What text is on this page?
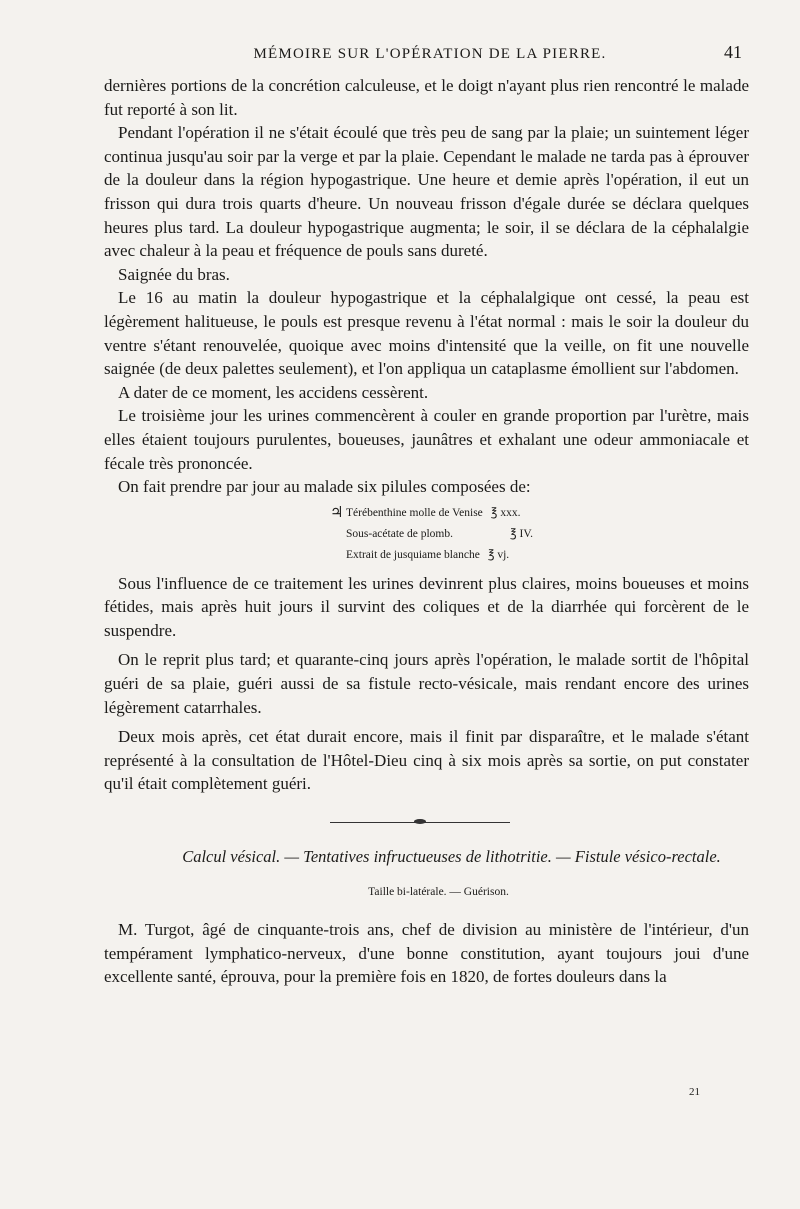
MÉMOIRE SUR L'OPÉRATION DE LA PIERRE.	41

dernières portions de la concrétion calculeuse, et le doigt n'ayant plus rien rencontré le malade fut reporté à son lit.

Pendant l'opération il ne s'était écoulé que très peu de sang par la plaie; un suintement léger continua jusqu'au soir par la verge et par la plaie. Cependant le malade ne tarda pas à éprouver de la douleur dans la région hypogastrique. Une heure et demie après l'opération, il eut un frisson qui dura trois quarts d'heure. Un nouveau frisson d'égale durée se déclara quelques heures plus tard. La douleur hypogastrique augmenta; le soir, il se déclara de la céphalalgie avec chaleur à la peau et fréquence de pouls sans dureté.

Saignée du bras.

Le 16 au matin la douleur hypogastrique et la céphalalgique ont cessé, la peau est légèrement halitueuse, le pouls est presque revenu à l'état normal : mais le soir la douleur du ventre s'étant renouvelée, quoique avec moins d'intensité que la veille, on fit une nouvelle saignée (de deux palettes seulement), et l'on appliqua un cataplasme émollient sur l'abdomen.

A dater de ce moment, les accidens cessèrent.

Le troisième jour les urines commencèrent à couler en grande proportion par l'urètre, mais elles étaient toujours purulentes, boueuses, jaunâtres et exhalant une odeur ammoniacale et fécale très prononcée.

On fait prendre par jour au malade six pilules composées de:

♃ Térébenthine molle de Venise ℥ xxx.
Sous-acétate de plomb.	℥ IV.
Extrait de jusquiame blanche ℥ vj.

Sous l'influence de ce traitement les urines devinrent plus claires, moins boueuses et moins fétides, mais après huit jours il survint des coliques et de la diarrhée qui forcèrent de le suspendre.

On le reprit plus tard; et quarante-cinq jours après l'opération, le malade sortit de l'hôpital guéri de sa plaie, guéri aussi de sa fistule recto-vésicale, mais rendant encore des urines légèrement catarrhales.

Deux mois après, cet état durait encore, mais il finit par disparaître, et le malade s'étant représenté à la consultation de l'Hôtel-Dieu cinq à six mois après sa sortie, on put constater qu'il était complètement guéri.

Calcul vésical. — Tentatives infructueuses de lithotritie. — Fistule vésico-rectale.

Taille bi-latérale. — Guérison.

M. Turgot, âgé de cinquante-trois ans, chef de division au ministère de l'intérieur, d'un tempérament lymphatico-nerveux, d'une bonne constitution, ayant toujours joui d'une excellente santé, éprouva, pour la première fois en 1820, de fortes douleurs dans la

21
